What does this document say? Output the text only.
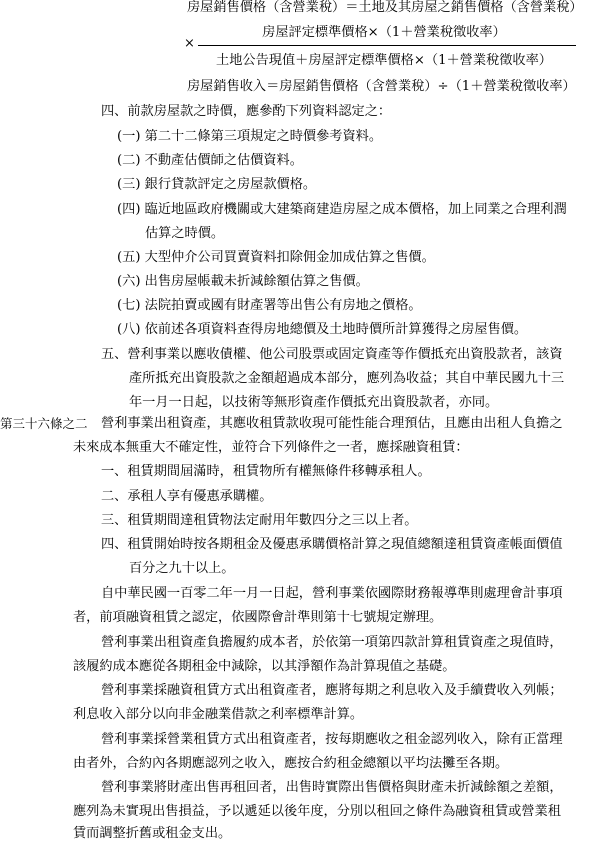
房屋銷售價格（含營業稅）＝土地及其房屋之銷售價格（含營業稅）
×
房屋評定標準價格×（1＋營業稅徵收率）
土地公告現值＋房屋評定標準價格×（1＋營業稅徵收率）
房屋銷售收入＝房屋銷售價格（含營業稅）÷（1＋營業稅徵收率）
四、前款房屋款之時價，應參酌下列資料認定之：
(一) 第二十二條第三項規定之時價參考資料。
(二) 不動產估價師之估價資料。
(三) 銀行貸款評定之房屋款價格。
(四) 臨近地區政府機關或大建築商建造房屋之成本價格，加上同業之合理利潤
估算之時價。
(五) 大型仲介公司買賣資料扣除佣金加成估算之售價。
(六) 出售房屋帳載未折減餘額估算之售價。
(七) 法院拍賣或國有財產署等出售公有房地之價格。
(八) 依前述各項資料查得房地總價及土地時價所計算獲得之房屋售價。
五、營利事業以應收債權、他公司股票或固定資產等作價抵充出資股款者，該資
產所抵充出資股款之金額超過成本部分，應列為收益；其自中華民國九十三
年一月一日起，以技術等無形資產作價抵充出資股款者，亦同。
第三十六條之二 營利事業出租資產，其應收租賃款收現可能性能合理預估，且應由出租人負擔之
未來成本無重大不確定性，並符合下列條件之一者，應採融資租賃：
一、租賃期間屆滿時，租賃物所有權無條件移轉承租人。
二、承租人享有優惠承購權。
三、租賃期間達租賃物法定耐用年數四分之三以上者。
四、租賃開始時按各期租金及優惠承購價格計算之現值總額達租賃資產帳面價值
百分之九十以上。
自中華民國一百零二年一月一日起，營利事業依國際財務報導準則處理會計事項
者，前項融資租賃之認定，依國際會計準則第十七號規定辦理。
營利事業出租資產負擔履約成本者，於依第一項第四款計算租賃資產之現值時，
該履約成本應從各期租金中減除，以其淨額作為計算現值之基礎。
營利事業採融資租賃方式出租資產者，應將每期之利息收入及手續費收入列帳；
利息收入部分以向非金融業借款之利率標準計算。
營利事業採營業租賃方式出租資產者，按每期應收之租金認列收入，除有正當理
由者外，合約內各期應認列之收入，應按合約租金總額以平均法攤至各期。
營利事業將財產出售再租回者，出售時實際出售價格與財產未折減餘額之差額，
應列為未實現出售損益，予以遞延以後年度，分別以租回之條件為融資租賃或營業租
賃而調整折舊或租金支出。
